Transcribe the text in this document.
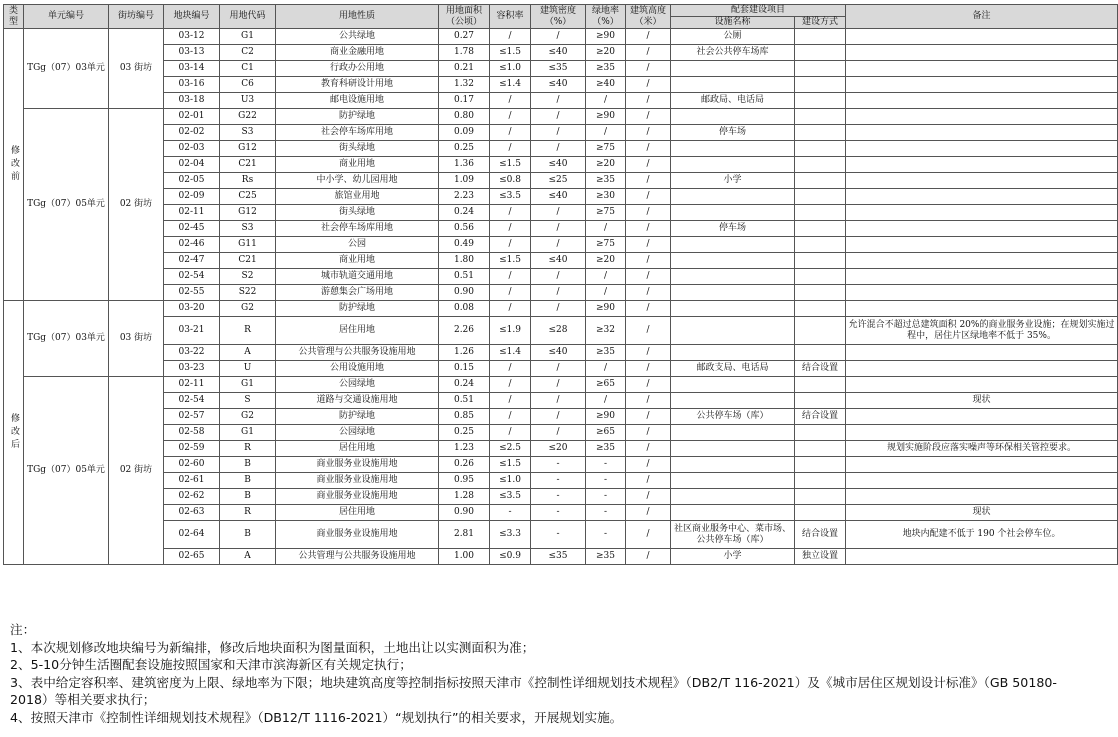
类型	单元编号	街坊编号	地块编号	用地代码	用地性质	用地面积（公顷）	容积率	建筑密度（%）	绿地率（%）	建筑高度（米）	配套建设项目		备注
											设施名称	建设方式	

修改前	TGg（07）03单元	03 街坊	03-12	G1	公共绿地	0.27	/	/	≥90	/	公厕		
			03-13	C2	商业金融用地	1.78	≤1.5	≤40	≥20	/	社会公共停车场库		
			03-14	C1	行政办公用地	0.21	≤1.0	≤35	≥35	/			
			03-16	C6	教育科研设计用地	1.32	≤1.4	≤40	≥40	/			
			03-18	U3	邮电设施用地	0.17	/	/	/	/	邮政局、电话局		
	TGg（07）05单元	02 街坊	02-01	G22	防护绿地	0.80	/	/	≥90	/			
			02-02	S3	社会停车场库用地	0.09	/	/	/	/	停车场		
			02-03	G12	街头绿地	0.25	/	/	≥75	/			
			02-04	C21	商业用地	1.36	≤1.5	≤40	≥20	/			
			02-05	Rs	中小学、幼儿园用地	1.09	≤0.8	≤25	≥35	/	小学		
			02-09	C25	旅馆业用地	2.23	≤3.5	≤40	≥30	/			
			02-11	G12	街头绿地	0.24	/	/	≥75	/			
			02-45	S3	社会停车场库用地	0.56	/	/	/	/	停车场		
			02-46	G11	公园	0.49	/	/	≥75	/			
			02-47	C21	商业用地	1.80	≤1.5	≤40	≥20	/			
			02-54	S2	城市轨道交通用地	0.51	/	/	/	/			
			02-55	S22	游憩集会广场用地	0.90	/	/	/	/			

修改后	TGg（07）03单元	03 街坊	03-20	G2	防护绿地	0.08	/	/	≥90	/			
			03-21	R	居住用地	2.26	≤1.9	≤28	≥32	/			允许混合不超过总建筑面积 20%的商业服务业设施；在规划实施过程中，居住片区绿地率不低于 35%。
			03-22	A	公共管理与公共服务设施用地	1.26	≤1.4	≤40	≥35	/			
			03-23	U	公用设施用地	0.15	/	/	/	/	邮政支局、电话局	结合设置	
	TGg（07）05单元	02 街坊	02-11	G1	公园绿地	0.24	/	/	≥65	/			
			02-54	S	道路与交通设施用地	0.51	/	/	/	/			现状
			02-57	G2	防护绿地	0.85	/	/	≥90	/	公共停车场（库）	结合设置	
			02-58	G1	公园绿地	0.25	/	/	≥65	/			
			02-59	R	居住用地	1.23	≤2.5	≤20	≥35	/			规划实施阶段应落实噪声等环保相关管控要求。
			02-60	B	商业服务业设施用地	0.26	≤1.5	-	-	/			
			02-61	B	商业服务业设施用地	0.95	≤1.0	-	-	/			
			02-62	B	商业服务业设施用地	1.28	≤3.5	-	-	/			
			02-63	R	居住用地	0.90	-	-	-	/			现状
			02-64	B	商业服务业设施用地	2.81	≤3.3	-	-	/	社区商业服务中心、菜市场、公共停车场（库）	结合设置	地块内配建不低于 190 个社会停车位。
			02-65	A	公共管理与公共服务设施用地	1.00	≤0.9	≤35	≥35	/	小学	独立设置	

注：

1、本次规划修改地块编号为新编排，修改后地块面积为图量面积，土地出让以实测面积为准；

2、5-10分钟生活圈配套设施按照国家和天津市滨海新区有关规定执行；

3、表中给定容积率、建筑密度为上限、绿地率为下限；地块建筑高度等控制指标按照天津市《控制性详细规划技术规程》（DB2/T 116-2021）及《城市居住区规划设计标准》（GB 50180-2018）等相关要求执行；

4、按照天津市《控制性详细规划技术规程》（DB12/T 1116-2021）“规划执行”的相关要求，开展规划实施。
